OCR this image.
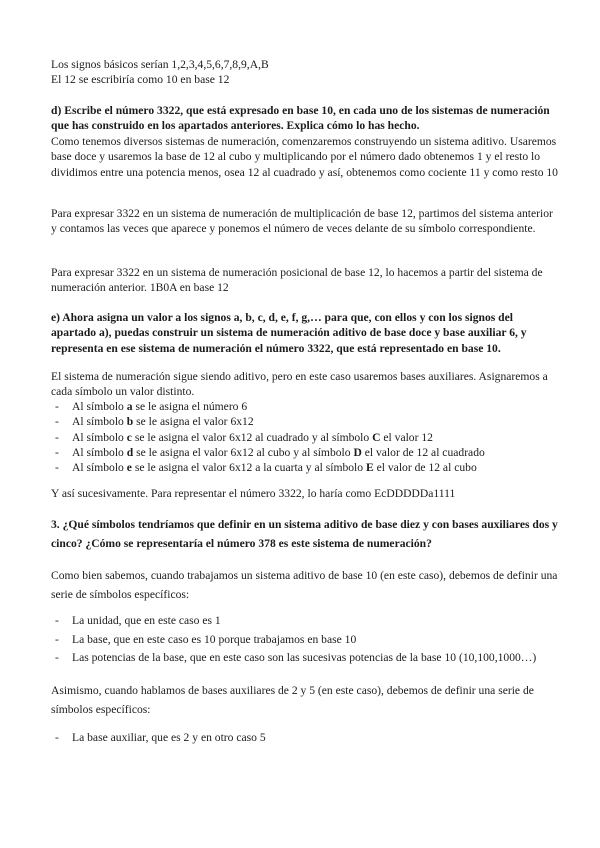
Los signos básicos serían 1,2,3,4,5,6,7,8,9,A,B

El 12 se escribiría como 10 en base 12

d) Escribe el número 3322, que está expresado en base 10, en cada uno de los sistemas de numeración que has construido en los apartados anteriores. Explica cómo lo has hecho.

Como tenemos diversos sistemas de numeración, comenzaremos construyendo un sistema aditivo. Usaremos base doce y usaremos la base de 12 al cubo y multiplicando por el número dado obtenemos 1 y el resto lo dividimos entre una potencia menos, osea 12 al cuadrado y así, obtenemos como cociente 11 y como resto 10

Para expresar 3322 en un sistema de numeración de multiplicación de base 12, partimos del sistema anterior y contamos las veces que aparece y ponemos el número de veces delante de su símbolo correspondiente.

Para expresar 3322 en un sistema de numeración posicional de base 12, lo hacemos a partir del sistema de numeración anterior. 1B0A en base 12

e) Ahora asigna un valor a los signos a, b, c, d, e, f, g,… para que, con ellos y con los signos del apartado a), puedas construir un sistema de numeración aditivo de base doce y base auxiliar 6, y representa en ese sistema de numeración el número 3322, que está representado en base 10.

El sistema de numeración sigue siendo aditivo, pero en este caso usaremos bases auxiliares. Asignaremos a cada símbolo un valor distinto.

- Al símbolo a se le asigna el número 6
- Al símbolo b se le asigna el valor 6x12
- Al símbolo c se le asigna el valor 6x12 al cuadrado y al símbolo C el valor 12
- Al símbolo d se le asigna el valor 6x12 al cubo y al símbolo D el valor de 12 al cuadrado
- Al símbolo e se le asigna el valor 6x12 a la cuarta y al símbolo E el valor de 12 al cubo

Y así sucesivamente. Para representar el número 3322, lo haría como EcDDDDDa1111

3. ¿Qué símbolos tendríamos que definir en un sistema aditivo de base diez y con bases auxiliares dos y cinco? ¿Cómo se representaría el número 378 es este sistema de numeración?

Como bien sabemos, cuando trabajamos un sistema aditivo de base 10 (en este caso), debemos de definir una serie de símbolos específicos:

- La unidad, que en este caso es 1
- La base, que en este caso es 10 porque trabajamos en base 10
- Las potencias de la base, que en este caso son las sucesivas potencias de la base 10 (10,100,1000…)

Asimismo, cuando hablamos de bases auxiliares de 2 y 5 (en este caso), debemos de definir una serie de símbolos específicos:

- La base auxiliar, que es 2 y en otro caso 5
